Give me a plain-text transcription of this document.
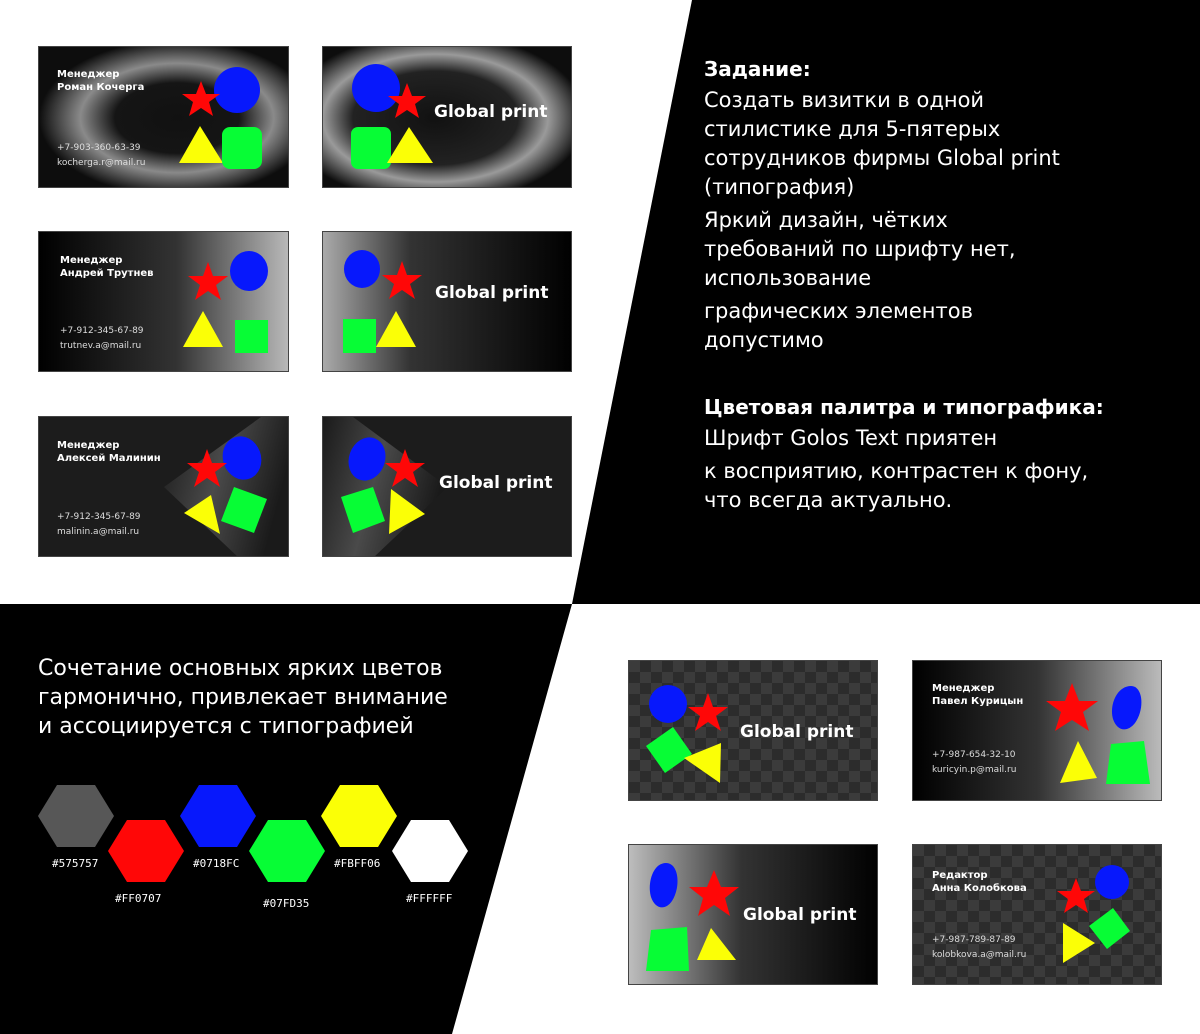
Менеджер
Роман Кочерга
+7-903-360-63-39
kocherga.r@mail.ru
Global print
Менеджер
Андрей Трутнев
+7-912-345-67-89
trutnev.a@mail.ru
Global print
Менеджер
Алексей Малинин
+7-912-345-67-89
malinin.a@mail.ru
Global print
Задание:
Создать визитки в одной
стилистике для 5-пятерых
сотрудников фирмы Global print
(типография)
Яркий дизайн, чётких
требований по шрифту нет,
использование
графических элементов
допустимо
Цветовая палитра и типографика:
Шрифт Golos Text приятен
к восприятию, контрастен к фону,
что всегда актуально.
Сочетание основных ярких цветов
гармонично, привлекает внимание
и ассоциируется с типографией
#575757
#FF0707
#0718FC
#07FD35
#FBFF06
#FFFFFF
Global print
Менеджер
Павел Курицын
+7-987-654-32-10
kuricyin.p@mail.ru
Global print
Редактор
Анна Колобкова
+7-987-789-87-89
kolobkova.a@mail.ru
